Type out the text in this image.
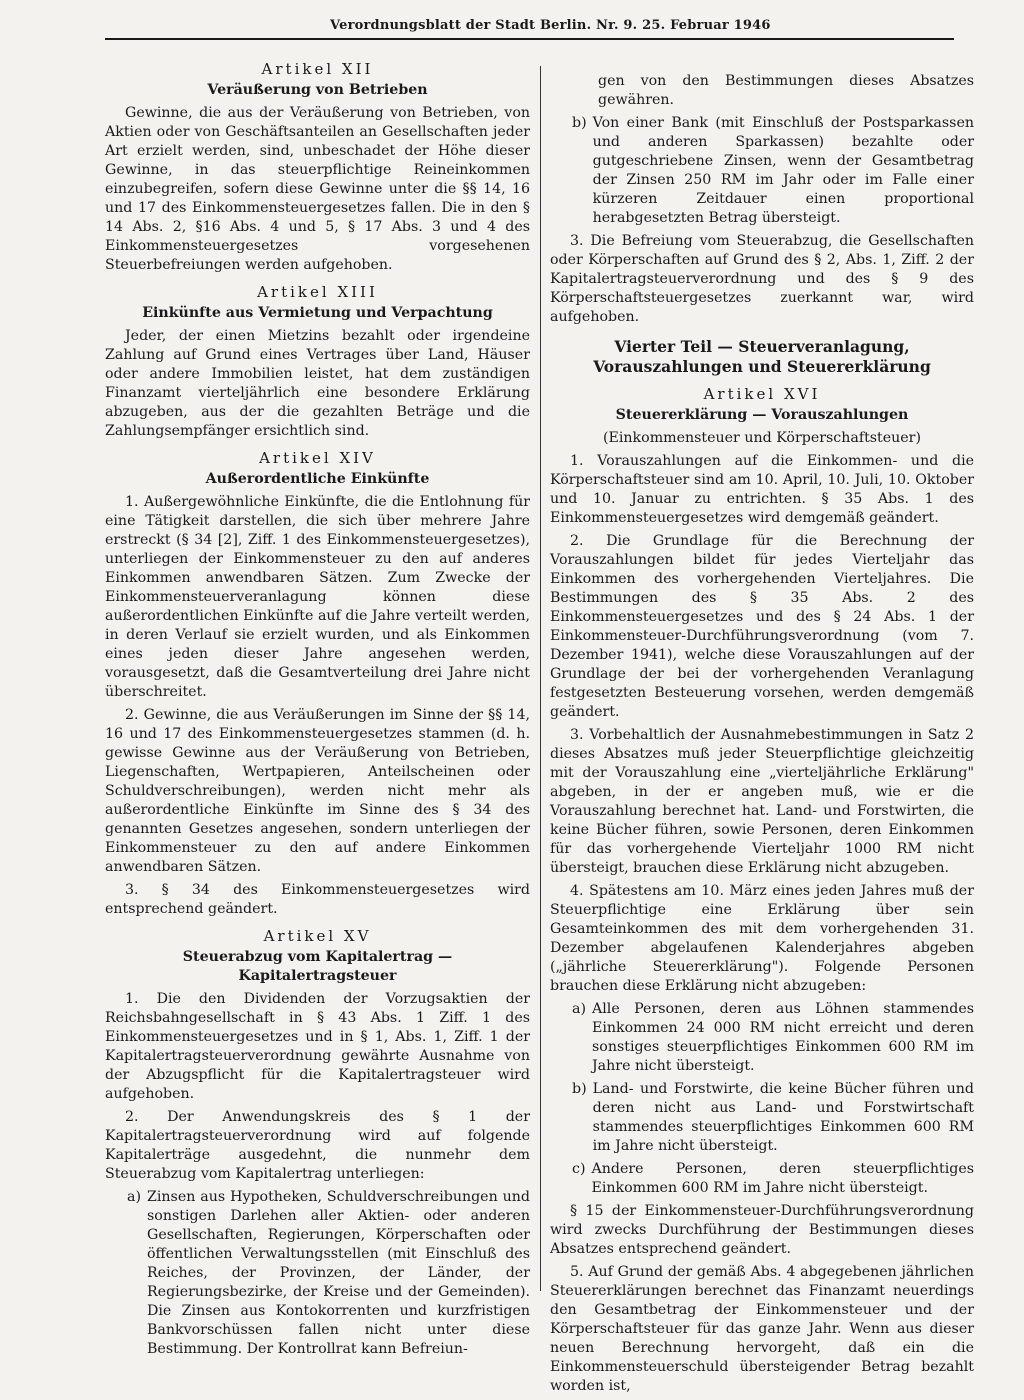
Verordnungsblatt der Stadt Berlin. Nr. 9. 25. Februar 1946
Artikel XII
Veräußerung von Betrieben

Gewinne, die aus der Veräußerung von Betrieben, von Aktien oder von Geschäftsanteilen an Gesellschaften jeder Art erzielt werden, sind, unbeschadet der Höhe dieser Gewinne, in das steuerpflichtige Reineinkommen einzubegreifen, sofern diese Gewinne unter die §§ 14, 16 und 17 des Einkommensteuergesetzes fallen. Die in den § 14 Abs. 2, §16 Abs. 4 und 5, § 17 Abs. 3 und 4 des Einkommensteuergesetzes vorgesehenen Steuerbefreiungen werden aufgehoben.

Artikel XIII
Einkünfte aus Vermietung und Verpachtung

Jeder, der einen Mietzins bezahlt oder irgendeine Zahlung auf Grund eines Vertrages über Land, Häuser oder andere Immobilien leistet, hat dem zuständigen Finanzamt vierteljährlich eine besondere Erklärung abzugeben, aus der die gezahlten Beträge und die Zahlungsempfänger ersichtlich sind.

Artikel XIV
Außerordentliche Einkünfte

1. Außergewöhnliche Einkünfte, die die Entlohnung für eine Tätigkeit darstellen, die sich über mehrere Jahre erstreckt (§ 34 [2], Ziff. 1 des Einkommensteuergesetzes), unterliegen der Einkommensteuer zu den auf anderes Einkommen anwendbaren Sätzen. Zum Zwecke der Einkommensteuerveranlagung können diese außerordentlichen Einkünfte auf die Jahre verteilt werden, in deren Verlauf sie erzielt wurden, und als Einkommen eines jeden dieser Jahre angesehen werden, vorausgesetzt, daß die Gesamtverteilung drei Jahre nicht überschreitet.

2. Gewinne, die aus Veräußerungen im Sinne der §§ 14, 16 und 17 des Einkommensteuergesetzes stammen (d. h. gewisse Gewinne aus der Veräußerung von Betrieben, Liegenschaften, Wertpapieren, Anteilscheinen oder Schuldverschreibungen), werden nicht mehr als außerordentliche Einkünfte im Sinne des § 34 des genannten Gesetzes angesehen, sondern unterliegen der Einkommensteuer zu den auf andere Einkommen anwendbaren Sätzen.

3. § 34 des Einkommensteuergesetzes wird entsprechend geändert.

Artikel XV
Steuerabzug vom Kapitalertrag — Kapitalertragsteuer

1. Die den Dividenden der Vorzugsaktien der Reichsbahngesellschaft in § 43 Abs. 1 Ziff. 1 des Einkommensteuergesetzes und in § 1, Abs. 1, Ziff. 1 der Kapitalertragsteuerverordnung gewährte Ausnahme von der Abzugspflicht für die Kapitalertragsteuer wird aufgehoben.

2. Der Anwendungskreis des § 1 der Kapitalertragsteuerverordnung wird auf folgende Kapitalerträge ausgedehnt, die nunmehr dem Steuerabzug vom Kapitalertrag unterliegen:

a) Zinsen aus Hypotheken, Schuldverschreibungen und sonstigen Darlehen aller Aktien- oder anderen Gesellschaften, Regierungen, Körperschaften oder öffentlichen Verwaltungsstellen (mit Einschluß des Reiches, der Provinzen, der Länder, der Regierungsbezirke, der Kreise und der Gemeinden). Die Zinsen aus Kontokorrenten und kurzfristigen Bankvorschüssen fallen nicht unter diese Bestimmung. Der Kontrollrat kann Befreiun-
gen von den Bestimmungen dieses Absatzes gewähren.
b) Von einer Bank (mit Einschluß der Postsparkassen und anderen Sparkassen) bezahlte oder gutgeschriebene Zinsen, wenn der Gesamtbetrag der Zinsen 250 RM im Jahr oder im Falle einer kürzeren Zeitdauer einen proportional herabgesetzten Betrag übersteigt.

3. Die Befreiung vom Steuerabzug, die Gesellschaften oder Körperschaften auf Grund des § 2, Abs. 1, Ziff. 2 der Kapitalertragsteuerverordnung und des § 9 des Körperschaftsteuergesetzes zuerkannt war, wird aufgehoben.

Vierter Teil — Steuerveranlagung, Vorauszahlungen und Steuererklärung
Artikel XVI
Steuererklärung — Vorauszahlungen
(Einkommensteuer und Körperschaftsteuer)

1. Vorauszahlungen auf die Einkommen- und die Körperschaftsteuer sind am 10. April, 10. Juli, 10. Oktober und 10. Januar zu entrichten. § 35 Abs. 1 des Einkommensteuergesetzes wird demgemäß geändert.

2. Die Grundlage für die Berechnung der Vorauszahlungen bildet für jedes Vierteljahr das Einkommen des vorhergehenden Vierteljahres. Die Bestimmungen des § 35 Abs. 2 des Einkommensteuergesetzes und des § 24 Abs. 1 der Einkommensteuer-Durchführungsverordnung (vom 7. Dezember 1941), welche diese Vorauszahlungen auf der Grundlage der bei der vorhergehenden Veranlagung festgesetzten Besteuerung vorsehen, werden demgemäß geändert.

3. Vorbehaltlich der Ausnahmebestimmungen in Satz 2 dieses Absatzes muß jeder Steuerpflichtige gleichzeitig mit der Vorauszahlung eine „vierteljährliche Erklärung" abgeben, in der er angeben muß, wie er die Vorauszahlung berechnet hat. Land- und Forstwirten, die keine Bücher führen, sowie Personen, deren Einkommen für das vorhergehende Vierteljahr 1000 RM nicht übersteigt, brauchen diese Erklärung nicht abzugeben.

4. Spätestens am 10. März eines jeden Jahres muß der Steuerpflichtige eine Erklärung über sein Gesamteinkommen des mit dem vorhergehenden 31. Dezember abgelaufenen Kalenderjahres abgeben („jährliche Steuererklärung"). Folgende Personen brauchen diese Erklärung nicht abzugeben:

a) Alle Personen, deren aus Löhnen stammendes Einkommen 24 000 RM nicht erreicht und deren sonstiges steuerpflichtiges Einkommen 600 RM im Jahre nicht übersteigt.
b) Land- und Forstwirte, die keine Bücher führen und deren nicht aus Land- und Forstwirtschaft stammendes steuerpflichtiges Einkommen 600 RM im Jahre nicht übersteigt.
c) Andere Personen, deren steuerpflichtiges Einkommen 600 RM im Jahre nicht übersteigt.

§ 15 der Einkommensteuer-Durchführungsverordnung wird zwecks Durchführung der Bestimmungen dieses Absatzes entsprechend geändert.

5. Auf Grund der gemäß Abs. 4 abgegebenen jährlichen Steuererklärungen berechnet das Finanzamt neuerdings den Gesamtbetrag der Einkommensteuer und der Körperschaftsteuer für das ganze Jahr. Wenn aus dieser neuen Berechnung hervorgeht, daß ein die Einkommensteuerschuld übersteigender Betrag bezahlt worden ist,
